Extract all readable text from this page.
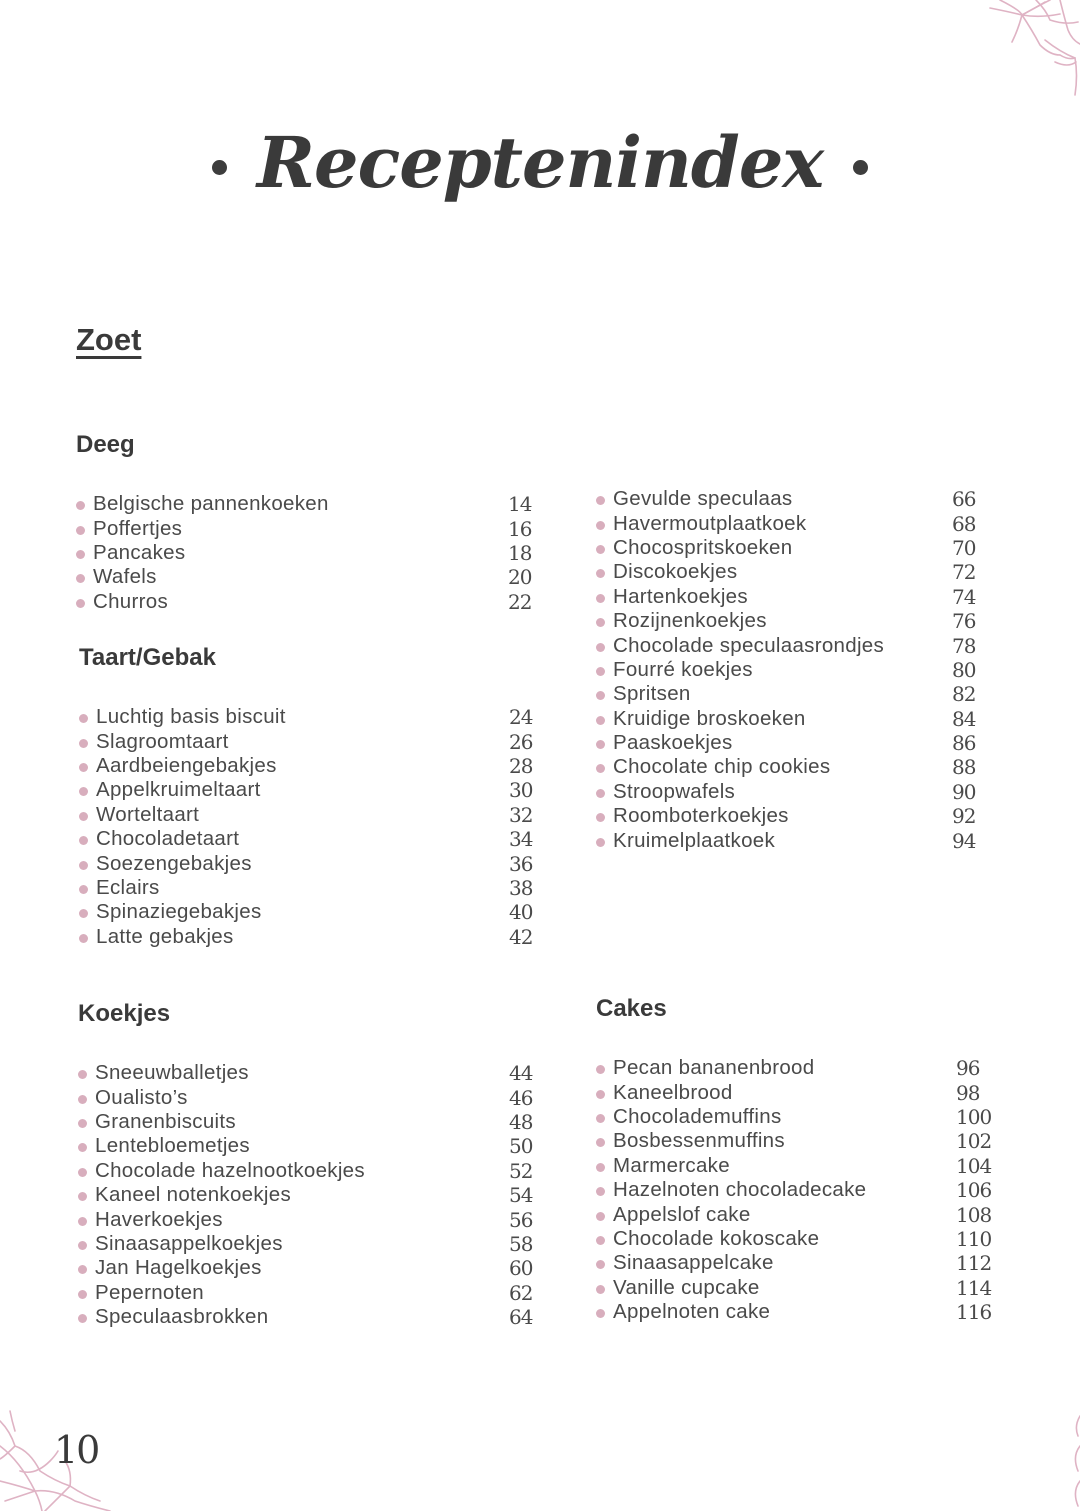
Receptenindex
Zoet
Deeg
Belgische pannenkoeken	14
Poffertjes	16
Pancakes	18
Wafels	20
Churros	22
Taart/Gebak
Luchtig basis biscuit	24
Slagroomtaart	26
Aardbeiengebakjes	28
Appelkruimeltaart	30
Worteltaart	32
Chocoladetaart	34
Soezengebakjes	36
Eclairs	38
Spinaziegebakjes	40
Latte gebakjes	42
Koekjes
Sneeuwballetjes	44
Oualisto’s	46
Granenbiscuits	48
Lentebloemetjes	50
Chocolade hazelnootkoekjes	52
Kaneel notenkoekjes	54
Haverkoekjes	56
Sinaasappelkoekjes	58
Jan Hagelkoekjes	60
Pepernoten	62
Speculaasbrokken	64
Gevulde speculaas	66
Havermoutplaatkoek	68
Chocospritskoeken	70
Discokoekjes	72
Hartenkoekjes	74
Rozijnenkoekjes	76
Chocolade speculaasrondjes	78
Fourré koekjes	80
Spritsen	82
Kruidige broskoeken	84
Paaskoekjes	86
Chocolate chip cookies	88
Stroopwafels	90
Roomboterkoekjes	92
Kruimelplaatkoek	94
Cakes
Pecan bananenbrood	96
Kaneelbrood	98
Chocolademuffins	100
Bosbessenmuffins	102
Marmercake	104
Hazelnoten chocoladecake	106
Appelslof cake	108
Chocolade kokoscake	110
Sinaasappelcake	112
Vanille cupcake	114
Appelnoten cake	116
10
